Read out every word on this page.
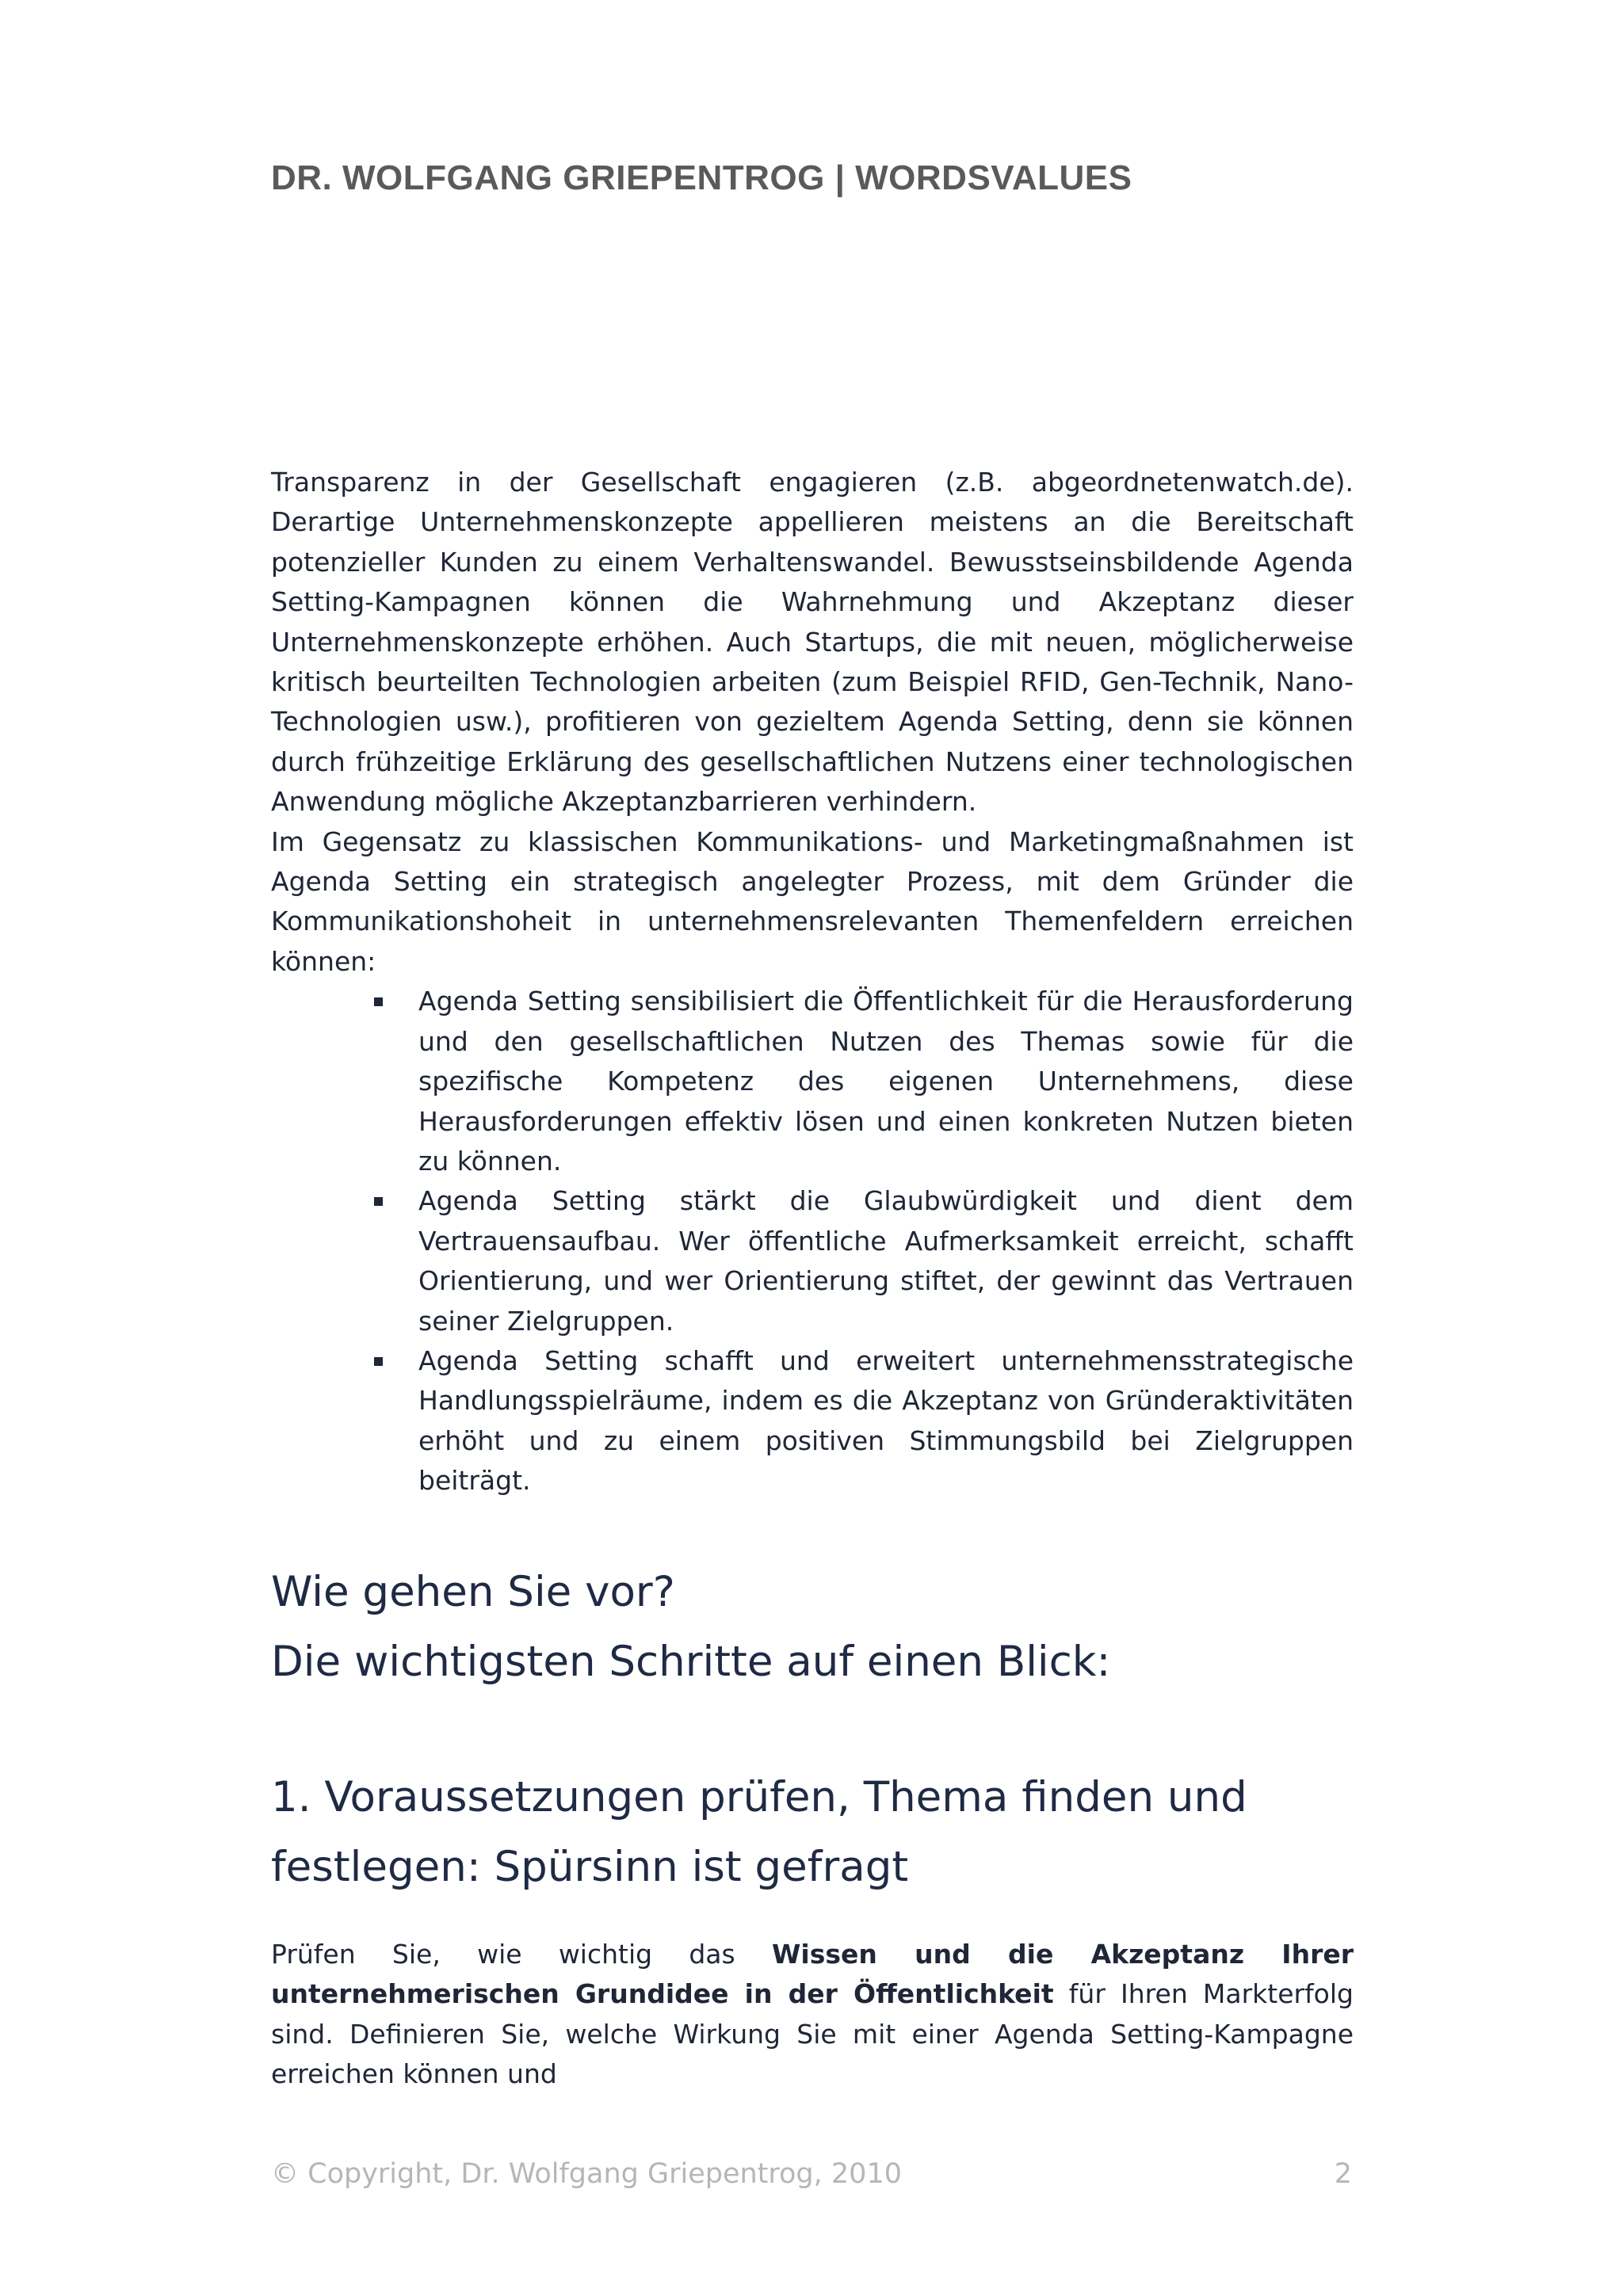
DR. WOLFGANG GRIEPENTROG | WORDSVALUES

Transparenz in der Gesellschaft engagieren (z.B. abgeordnetenwatch.de). Derartige Unternehmenskonzepte appellieren meistens an die Bereitschaft potenzieller Kunden zu einem Verhaltenswandel. Bewusstseinsbildende Agenda Setting-Kampagnen können die Wahrnehmung und Akzeptanz dieser Unternehmenskonzepte erhöhen. Auch Startups, die mit neuen, möglicherweise kritisch beurteilten Technologien arbeiten (zum Beispiel RFID, Gen-Technik, Nano-Technologien usw.), profitieren von gezieltem Agenda Setting, denn sie können durch frühzeitige Erklärung des gesellschaftlichen Nutzens einer technologischen Anwendung mögliche Akzeptanzbarrieren verhindern.

Im Gegensatz zu klassischen Kommunikations- und Marketingmaßnahmen ist Agenda Setting ein strategisch angelegter Prozess, mit dem Gründer die Kommunikationshoheit in unternehmensrelevanten Themenfeldern erreichen können:

Agenda Setting sensibilisiert die Öffentlichkeit für die Herausforderung und den gesellschaftlichen Nutzen des Themas sowie für die spezifische Kompetenz des eigenen Unternehmens, diese Herausforderungen effektiv lösen und einen konkreten Nutzen bieten zu können.
Agenda Setting stärkt die Glaubwürdigkeit und dient dem Vertrauensaufbau. Wer öffentliche Aufmerksamkeit erreicht, schafft Orientierung, und wer Orientierung stiftet, der gewinnt das Vertrauen seiner Zielgruppen.
Agenda Setting schafft und erweitert unternehmensstrategische Handlungsspielräume, indem es die Akzeptanz von Gründeraktivitäten erhöht und zu einem positiven Stimmungsbild bei Zielgruppen beiträgt.
Wie gehen Sie vor?
Die wichtigsten Schritte auf einen Blick:
1. Voraussetzungen prüfen, Thema finden und
festlegen: Spürsinn ist gefragt

Prüfen Sie, wie wichtig das Wissen und die Akzeptanz Ihrer unternehmerischen Grundidee in der Öffentlichkeit für Ihren Markterfolg sind. Definieren Sie, welche Wirkung Sie mit einer Agenda Setting-Kampagne erreichen können und

© Copyright, Dr. Wolfgang Griepentrog, 2010	2
